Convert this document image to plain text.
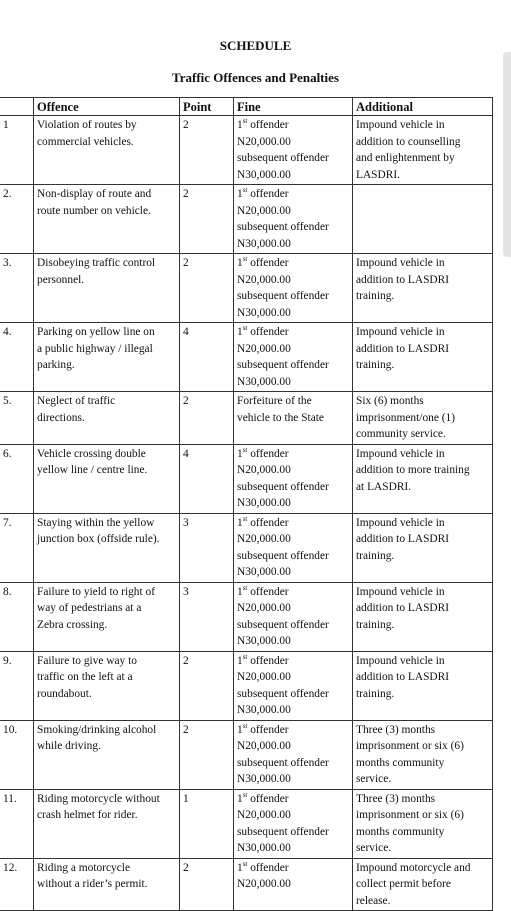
SCHEDULE
Traffic Offences and Penalties
	Offence	Point	Fine	Additional

1	Violation of routes by
commercial vehicles.	2	1st offender
N20,000.00
subsequent offender
N30,000.00	Impound vehicle in
addition to counselling
and enlightenment by
LASDRI.

2.	Non-display of route and
route number on vehicle.	2	1st offender
N20,000.00
subsequent offender
N30,000.00	

3.	Disobeying traffic control
personnel.	2	1st offender
N20,000.00
subsequent offender
N30,000.00	Impound vehicle in
addition to LASDRI
training.

4.	Parking on yellow line on
a public highway / illegal
parking.	4	1st offender
N20,000.00
subsequent offender
N30,000.00	Impound vehicle in
addition to LASDRI
training.

5.	Neglect of traffic
directions.	2	Forfeiture of the
vehicle to the State	Six (6) months
imprisonment/one (1)
community service.

6.	Vehicle crossing double
yellow line / centre line.	4	1st offender
N20,000.00
subsequent offender
N30,000.00	Impound vehicle in
addition to more training
at LASDRI.

7.	Staying within the yellow
junction box (offside rule).	3	1st offender
N20,000.00
subsequent offender
N30,000.00	Impound vehicle in
addition to LASDRI
training.

8.	Failure to yield to right of
way of pedestrians at a
Zebra crossing.	3	1st offender
N20,000.00
subsequent offender
N30,000.00	Impound vehicle in
addition to LASDRI
training.

9.	Failure to give way to
traffic on the left at a
roundabout.	2	1st offender
N20,000.00
subsequent offender
N30,000.00	Impound vehicle in
addition to LASDRI
training.

10.	Smoking/drinking alcohol
while driving.	2	1st offender
N20,000.00
subsequent offender
N30,000.00	Three (3) months
imprisonment or six (6)
months community
service.

11.	Riding motorcycle without
crash helmet for rider.	1	1st offender
N20,000.00
subsequent offender
N30,000.00	Three (3) months
imprisonment or six (6)
months community
service.

12.	Riding a motorcycle
without a rider’s permit.	2	1st offender
N20,000.00	Impound motorcycle and
collect permit before
release.
